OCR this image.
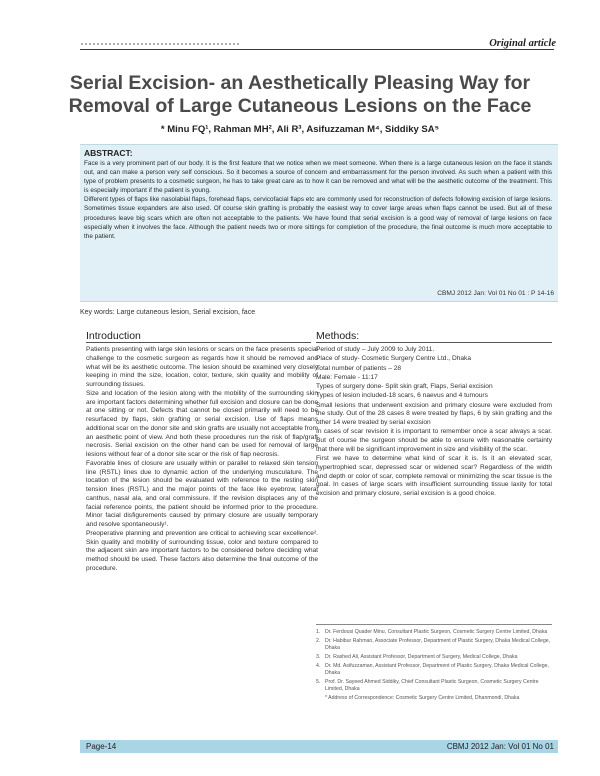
Original article
Serial Excision- an Aesthetically Pleasing Way for
Removal of Large Cutaneous Lesions on the Face
* Minu FQ¹, Rahman MH², Ali R³, Asifuzzaman M⁴, Siddiky SA⁵
ABSTRACT:

Face is a very prominent part of our body. It is the first feature that we notice when we meet someone. When there is a large cutaneous lesion on the face it stands out, and can make a person very self conscious. So it becomes a source of concern and embarrassment for the person involved. As such when a patient with this type of problem presents to a cosmetic surgeon, he has to take great care as to how it can be removed and what will be the aesthetic outcome of the treatment. This is especially important if the patient is young.

Different types of flaps like nasolabial flaps, forehead flaps, cervicofacial flaps etc are commonly used for reconstruction of defects following excision of large lesions. Sometimes tissue expanders are also used. Of course skin grafting is probably the easiest way to cover large areas when flaps cannot be used. But all of these procedures leave big scars which are often not acceptable to the patients. We have found that serial excision is a good way of removal of large lesions on face especially when it involves the face. Although the patient needs two or more sittings for completion of the procedure, the final outcome is much more acceptable to the patient.

CBMJ 2012 Jan: Vol 01 No 01 : P 14-16
Key words: Large cutaneous lesion, Serial excision, face
Introduction

Patients presenting with large skin lesions or scars on the face presents special challenge to the cosmetic surgeon as regards how it should be removed and what will be its aesthetic outcome. The lesion should be examined very closely keeping in mind the size, location, color, texture, skin quality and mobility of surrounding tissues.

Size and location of the lesion along with the mobility of the surrounding skin are important factors determining whether full excision and closure can be done at one sitting or not. Defects that cannot be closed primarily will need to be resurfaced by flaps, skin grafting or serial excision. Use of flaps means additional scar on the donor site and skin grafts are usually not acceptable from an aesthetic point of view. And both these procedures run the risk of flap/graft necrosis. Serial excision on the other hand can be used for removal of large lesions without fear of a donor site scar or the risk of flap necrosis.

Favorable lines of closure are usually within or parallel to relaxed skin tension line (RSTL) lines due to dynamic action of the underlying musculature. The location of the lesion should be evaluated with reference to the resting skin tension lines (RSTL) and the major points of the face like eyebrow, lateral canthus, nasal ala, and oral commissure. If the revision displaces any of the facial reference points, the patient should be informed prior to the procedure. Minor facial disfigurements caused by primary closure are usually temporary and resolve spontaneously¹.

Preoperative planning and prevention are critical to achieving scar excellence². Skin quality and mobility of surrounding tissue, color and texture compared to the adjacent skin are important factors to be considered before deciding what method should be used. These factors also determine the final outcome of the procedure.

Methods:

Period of study – July 2009 to July 2011.

Place of study- Cosmetic Surgery Centre Ltd., Dhaka

Total number of patients – 28

Male: Female - 11:17

Types of surgery done- Split skin graft, Flaps, Serial excision

Types of lesion included-18 scars, 6 naevus and 4 tumours

Small lesions that underwent excision and primary closure were excluded from the study. Out of the 28 cases 8 were treated by flaps, 6 by skin grafting and the other 14 were treated by serial excision

In cases of scar revision it is important to remember once a scar always a scar. But of course the surgeon should be able to ensure with reasonable certainty that there will be significant improvement in size and visibility of the scar.

First we have to determine what kind of scar it is. Is it an elevated scar, hypertrophied scar, depressed scar or widened scar? Regardless of the width and depth or color of scar, complete removal or minimizing the scar tissue is the goal. In cases of large scars with insufficient surrounding tissue laxity for total excision and primary closure, serial excision is a good choice.

1. Dr. Ferdousi Quader Minu, Consultant Plastic Surgeon, Cosmetic Surgery Centre Limited, Dhaka
2. Dr. Habibur Rahman, Associate Professor, Department of Plastic Surgery, Dhaka Medical College, Dhaka
3. Dr. Rashed Ali, Assistant Professor, Department of Surgery, Medical College, Dhaka
4. Dr. Md. Asifuzzaman, Assistant Professor, Department of Plastic Surgery, Dhaka Medical College, Dhaka
5. Prof. Dr. Sayeed Ahmed Siddiky, Chief Consultant Plastic Surgeon, Cosmetic Surgery Centre Limited, Dhaka
* Address of Correspondence: Cosmetic Surgery Centre Limited, Dhanmondi, Dhaka
Page-14	CBMJ 2012 Jan: Vol 01 No 01
